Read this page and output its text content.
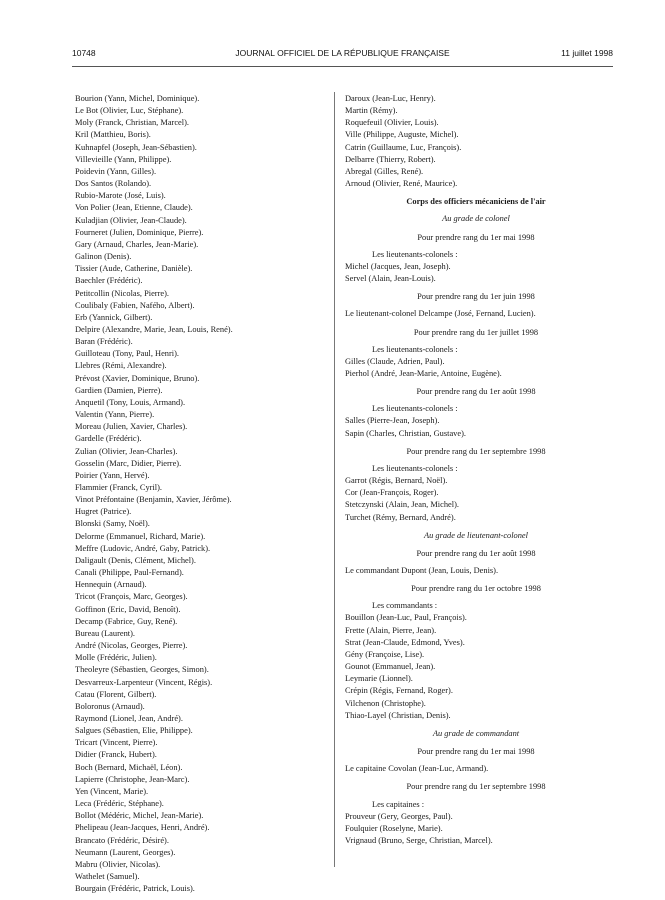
10748	JOURNAL OFFICIEL DE LA RÉPUBLIQUE FRANÇAISE	11 juillet 1998
Bourion (Yann, Michel, Dominique).
Le Bot (Olivier, Luc, Stéphane).
Moly (Franck, Christian, Marcel).
Kril (Matthieu, Boris).
Kuhnapfel (Joseph, Jean-Sébastien).
Villevieille (Yann, Philippe).
Poidevin (Yann, Gilles).
Dos Santos (Rolando).
Rubio-Marote (José, Luis).
Von Polier (Jean, Etienne, Claude).
Kuladjian (Olivier, Jean-Claude).
Fourneret (Julien, Dominique, Pierre).
Gary (Arnaud, Charles, Jean-Marie).
Galinon (Denis).
Tissier (Aude, Catherine, Danièle).
Baechler (Frédéric).
Petitcollin (Nicolas, Pierre).
Coulibaly (Fabien, Nafého, Albert).
Erb (Yannick, Gilbert).
Delpire (Alexandre, Marie, Jean, Louis, René).
Baran (Frédéric).
Guilloteau (Tony, Paul, Henri).
Llebres (Rémi, Alexandre).
Prévost (Xavier, Dominique, Bruno).
Gardien (Damien, Pierre).
Anquetil (Tony, Louis, Armand).
Valentin (Yann, Pierre).
Moreau (Julien, Xavier, Charles).
Gardelle (Frédéric).
Zulian (Olivier, Jean-Charles).
Gosselin (Marc, Didier, Pierre).
Poirier (Yann, Hervé).
Flammier (Franck, Cyril).
Vinot Préfontaine (Benjamin, Xavier, Jérôme).
Hugret (Patrice).
Blonski (Samy, Noël).
Delorme (Emmanuel, Richard, Marie).
Meffre (Ludovic, André, Gaby, Patrick).
Daligault (Denis, Clément, Michel).
Canali (Philippe, Paul-Fernand).
Hennequin (Arnaud).
Tricot (François, Marc, Georges).
Goffinon (Eric, David, Benoît).
Decamp (Fabrice, Guy, René).
Bureau (Laurent).
André (Nicolas, Georges, Pierre).
Molle (Frédéric, Julien).
Theoleyre (Sébastien, Georges, Simon).
Desvarreux-Larpenteur (Vincent, Régis).
Catau (Florent, Gilbert).
Boloronus (Arnaud).
Raymond (Lionel, Jean, André).
Salgues (Sébastien, Elie, Philippe).
Tricart (Vincent, Pierre).
Didier (Franck, Hubert).
Boch (Bernard, Michaël, Léon).
Lapierre (Christophe, Jean-Marc).
Yen (Vincent, Marie).
Leca (Frédéric, Stéphane).
Bollot (Médéric, Michel, Jean-Marie).
Phelipeau (Jean-Jacques, Henri, André).
Brancato (Frédéric, Désiré).
Neumann (Laurent, Georges).
Mabru (Olivier, Nicolas).
Wathelet (Samuel).
Bourgain (Frédéric, Patrick, Louis).
Daroux (Jean-Luc, Henry).
Martin (Rémy).
Roquefeuil (Olivier, Louis).
Ville (Philippe, Auguste, Michel).
Catrin (Guillaume, Luc, François).
Delbarre (Thierry, Robert).
Abregal (Gilles, René).
Arnoud (Olivier, René, Maurice).
Corps des officiers mécaniciens de l'air
Au grade de colonel
Pour prendre rang du 1er mai 1998
Les lieutenants-colonels :
Michel (Jacques, Jean, Joseph).
Servel (Alain, Jean-Louis).
Pour prendre rang du 1er juin 1998
Le lieutenant-colonel Delcampe (José, Fernand, Lucien).
Pour prendre rang du 1er juillet 1998
Les lieutenants-colonels :
Gilles (Claude, Adrien, Paul).
Pierhol (André, Jean-Marie, Antoine, Eugène).
Pour prendre rang du 1er août 1998
Les lieutenants-colonels :
Salles (Pierre-Jean, Joseph).
Sapin (Charles, Christian, Gustave).
Pour prendre rang du 1er septembre 1998
Les lieutenants-colonels :
Garrot (Régis, Bernard, Noël).
Cor (Jean-François, Roger).
Stetczynski (Alain, Jean, Michel).
Turchet (Rémy, Bernard, André).
Au grade de lieutenant-colonel
Pour prendre rang du 1er août 1998
Le commandant Dupont (Jean, Louis, Denis).
Pour prendre rang du 1er octobre 1998
Les commandants :
Bouillon (Jean-Luc, Paul, François).
Frette (Alain, Pierre, Jean).
Strat (Jean-Claude, Edmond, Yves).
Gény (Françoise, Lise).
Gounot (Emmanuel, Jean).
Leymarie (Lionnel).
Crépin (Régis, Fernand, Roger).
Vilchenon (Christophe).
Thiao-Layel (Christian, Denis).
Au grade de commandant
Pour prendre rang du 1er mai 1998
Le capitaine Covolan (Jean-Luc, Armand).
Pour prendre rang du 1er septembre 1998
Les capitaines :
Prouveur (Gery, Georges, Paul).
Foulquier (Roselyne, Marie).
Vrignaud (Bruno, Serge, Christian, Marcel).
